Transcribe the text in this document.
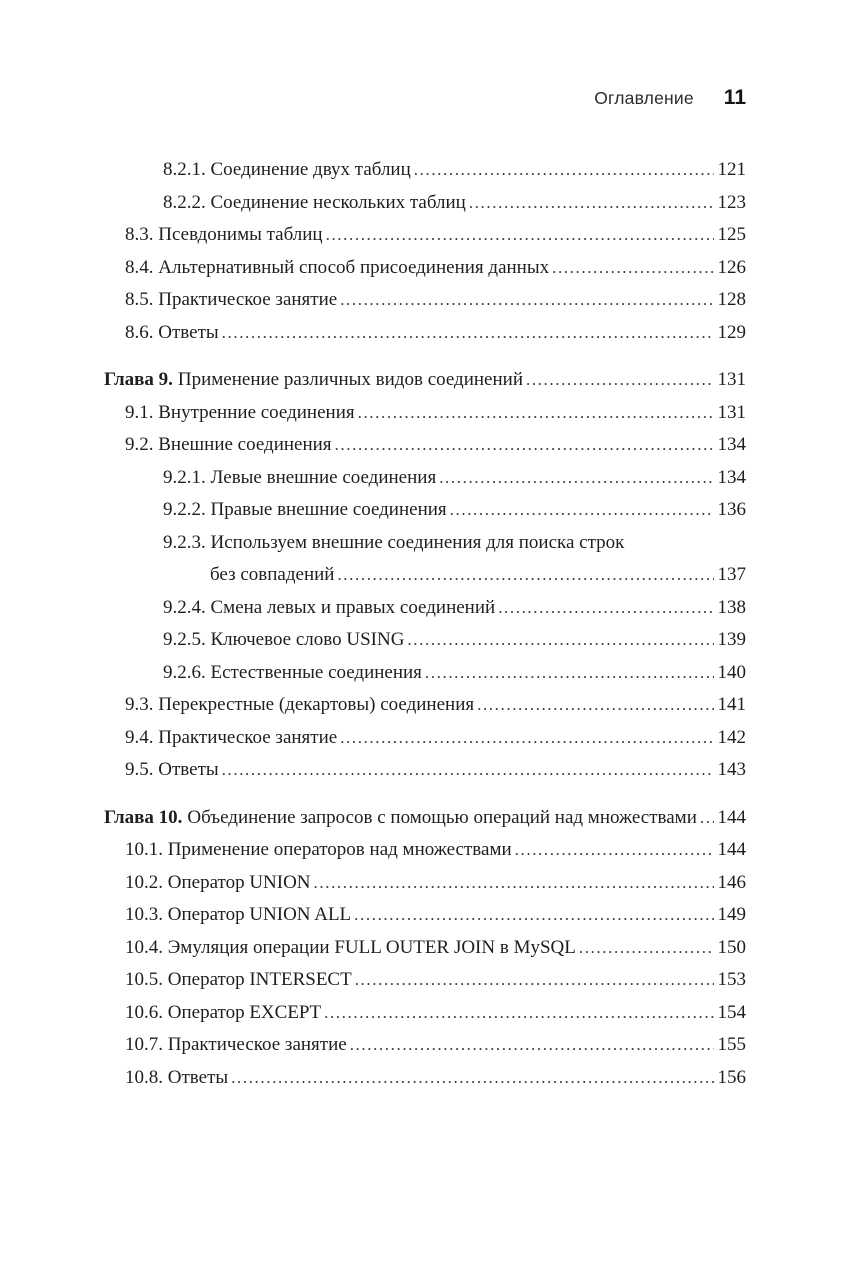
Оглавление 11
8.2.1. Соединение двух таблиц .....	121
8.2.2. Соединение нескольких таблиц .....	123
8.3. Псевдонимы таблиц .....	125
8.4. Альтернативный способ присоединения данных .....	126
8.5. Практическое занятие .....	128
8.6. Ответы .....	129
Глава 9. Применение различных видов соединений .....	131
9.1. Внутренние соединения .....	131
9.2. Внешние соединения .....	134
9.2.1. Левые внешние соединения .....	134
9.2.2. Правые внешние соединения .....	136
9.2.3. Используем внешние соединения для поиска строк
без совпадений .....	137
9.2.4. Смена левых и правых соединений .....	138
9.2.5. Ключевое слово USING .....	139
9.2.6. Естественные соединения .....	140
9.3. Перекрестные (декартовы) соединения .....	141
9.4. Практическое занятие .....	142
9.5. Ответы .....	143
Глава 10. Объединение запросов с помощью операций над множествами ..... 144
10.1. Применение операторов над множествами .....	144
10.2. Оператор UNION .....	146
10.3. Оператор UNION ALL .....	149
10.4. Эмуляция операции FULL OUTER JOIN в MySQL .....	150
10.5. Оператор INTERSECT .....	153
10.6. Оператор EXCEPT .....	154
10.7. Практическое занятие .....	155
10.8. Ответы .....	156
